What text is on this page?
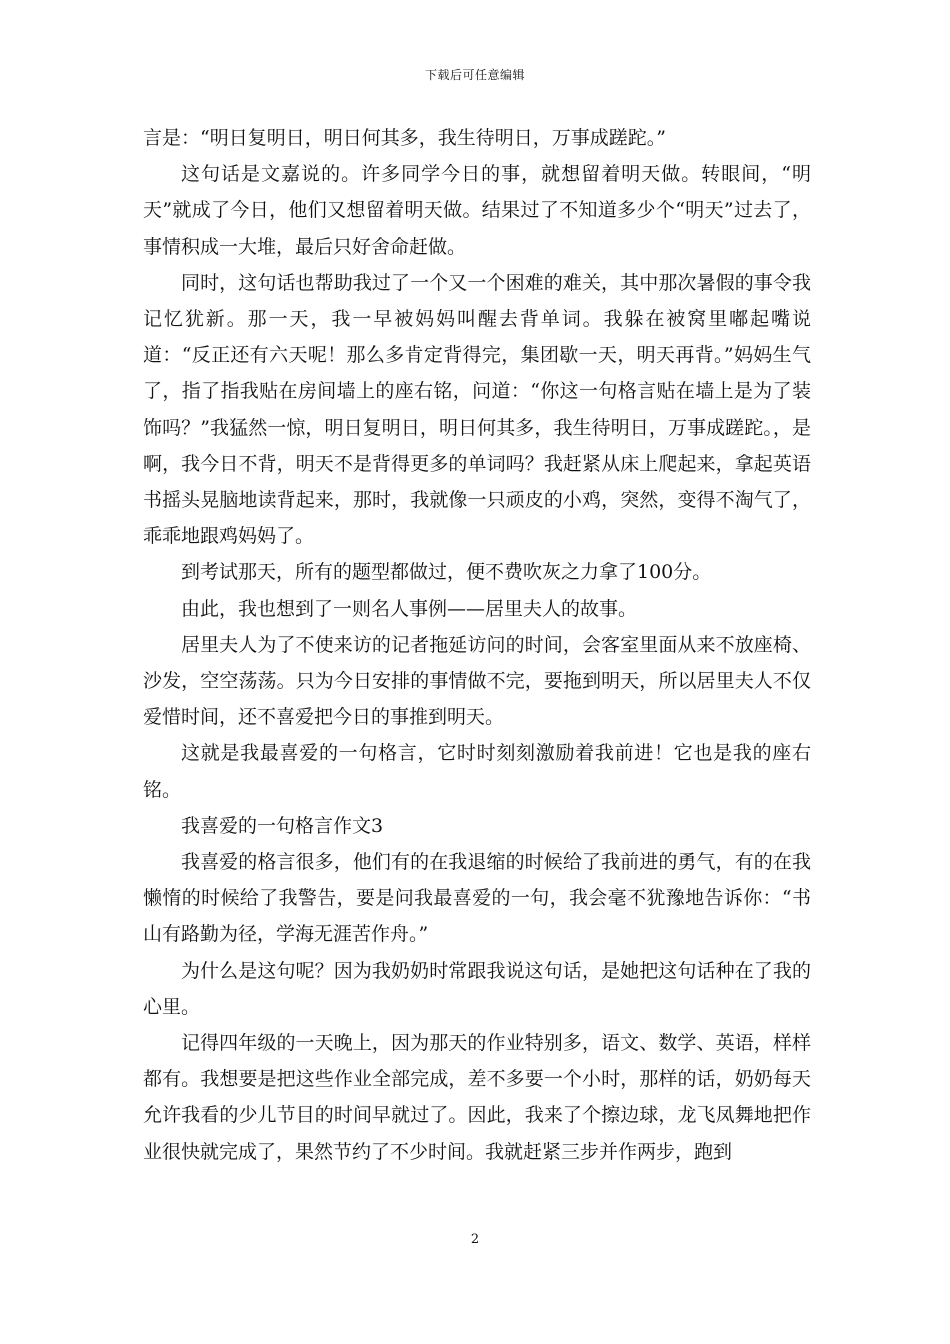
下载后可任意编辑

言是：“明日复明日，明日何其多，我生待明日，万事成蹉跎。”

这句话是文嘉说的。许多同学今日的事，就想留着明天做。转眼间，“明天”就成了今日，他们又想留着明天做。结果过了不知道多少个“明天”过去了，事情积成一大堆，最后只好舍命赶做。

同时，这句话也帮助我过了一个又一个困难的难关，其中那次暑假的事令我记忆犹新。那一天，我一早被妈妈叫醒去背单词。我躲在被窝里嘟起嘴说道：“反正还有六天呢！那么多肯定背得完，集团歇一天，明天再背。”妈妈生气了，指了指我贴在房间墙上的座右铭，问道：“你这一句格言贴在墙上是为了装饰吗？”我猛然一惊，明日复明日，明日何其多，我生待明日，万事成蹉跎。，是啊，我今日不背，明天不是背得更多的单词吗？我赶紧从床上爬起来，拿起英语书摇头晃脑地读背起来，那时，我就像一只顽皮的小鸡，突然，变得不淘气了，乖乖地跟鸡妈妈了。

到考试那天，所有的题型都做过，便不费吹灰之力拿了100分。

由此，我也想到了一则名人事例——居里夫人的故事。

居里夫人为了不使来访的记者拖延访问的时间，会客室里面从来不放座椅、沙发，空空荡荡。只为今日安排的事情做不完，要拖到明天，所以居里夫人不仅爱惜时间，还不喜爱把今日的事推到明天。

这就是我最喜爱的一句格言，它时时刻刻激励着我前进！它也是我的座右铭。

我喜爱的一句格言作文3

我喜爱的格言很多，他们有的在我退缩的时候给了我前进的勇气，有的在我懒惰的时候给了我警告，要是问我最喜爱的一句，我会毫不犹豫地告诉你：“书山有路勤为径，学海无涯苦作舟。”

为什么是这句呢？因为我奶奶时常跟我说这句话，是她把这句话种在了我的心里。

记得四年级的一天晚上，因为那天的作业特别多，语文、数学、英语，样样都有。我想要是把这些作业全部完成，差不多要一个小时，那样的话，奶奶每天允许我看的少儿节目的时间早就过了。因此，我来了个擦边球，龙飞凤舞地把作业很快就完成了，果然节约了不少时间。我就赶紧三步并作两步，跑到

2
